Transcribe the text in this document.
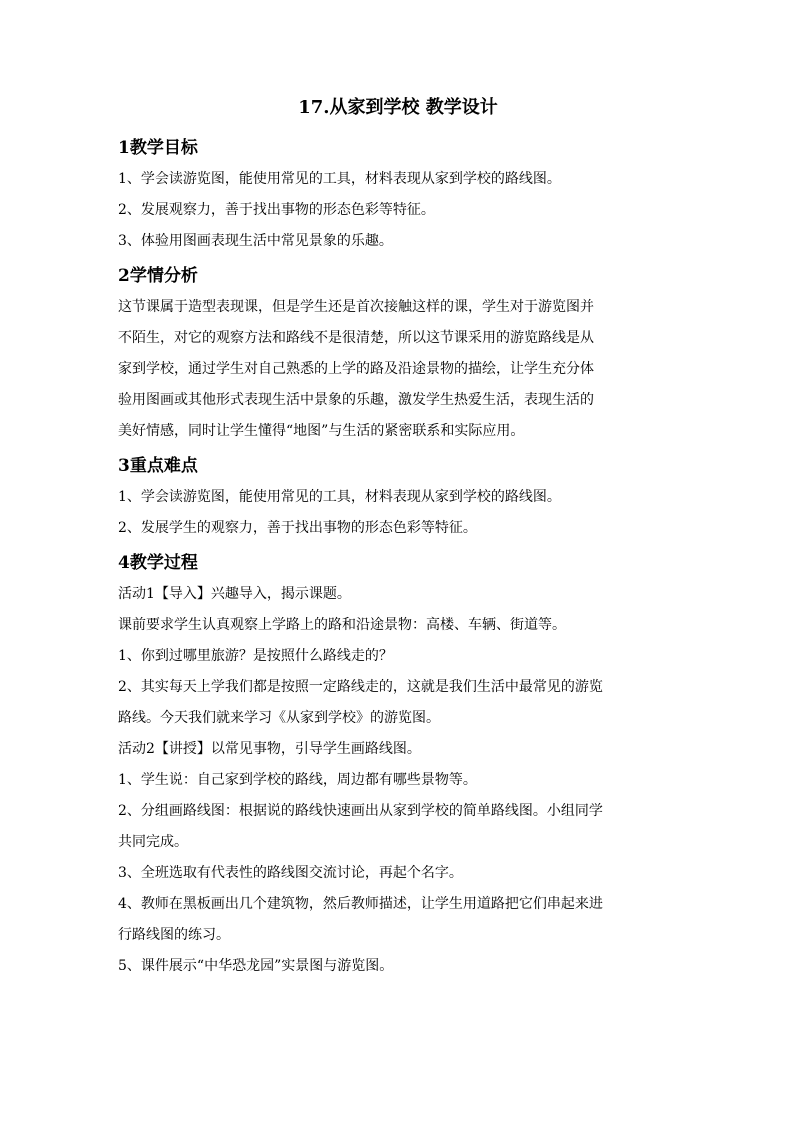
17.从家到学校 教学设计
1教学目标

1、学会读游览图，能使用常见的工具，材料表现从家到学校的路线图。

2、发展观察力，善于找出事物的形态色彩等特征。

3、体验用图画表现生活中常见景象的乐趣。

2学情分析

这节课属于造型表现课，但是学生还是首次接触这样的课，学生对于游览图并

不陌生，对它的观察方法和路线不是很清楚，所以这节课采用的游览路线是从

家到学校，通过学生对自己熟悉的上学的路及沿途景物的描绘，让学生充分体

验用图画或其他形式表现生活中景象的乐趣，激发学生热爱生活，表现生活的

美好情感，同时让学生懂得“地图”与生活的紧密联系和实际应用。

3重点难点

1、学会读游览图，能使用常见的工具，材料表现从家到学校的路线图。

2、发展学生的观察力，善于找出事物的形态色彩等特征。

4教学过程

活动1【导入】兴趣导入，揭示课题。

课前要求学生认真观察上学路上的路和沿途景物：高楼、车辆、街道等。

1、你到过哪里旅游？是按照什么路线走的？

2、其实每天上学我们都是按照一定路线走的，这就是我们生活中最常见的游览

路线。今天我们就来学习《从家到学校》的游览图。

活动2【讲授】以常见事物，引导学生画路线图。

1、学生说：自己家到学校的路线，周边都有哪些景物等。

2、分组画路线图：根据说的路线快速画出从家到学校的简单路线图。小组同学

共同完成。

3、全班选取有代表性的路线图交流讨论，再起个名字。

4、教师在黑板画出几个建筑物，然后教师描述，让学生用道路把它们串起来进

行路线图的练习。

5、课件展示“中华恐龙园”实景图与游览图。
